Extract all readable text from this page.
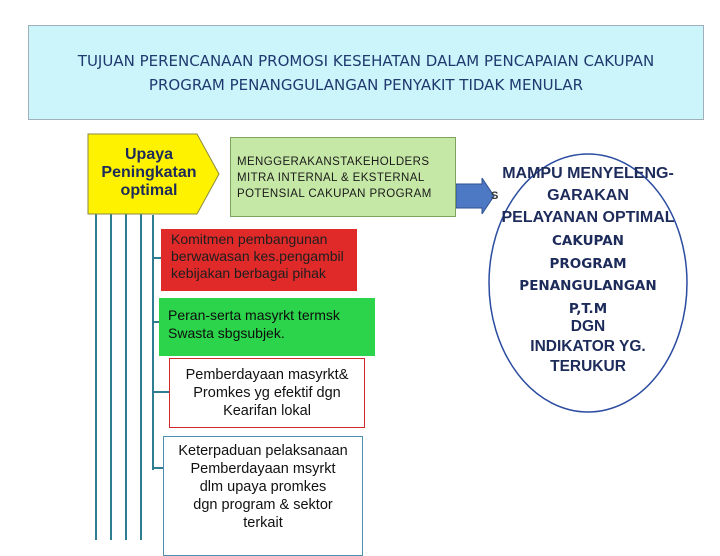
TUJUAN PERENCANAAN PROMOSI KESEHATAN DALAM PENCAPAIAN CAKUPAN
PROGRAM PENANGGULANGAN PENYAKIT TIDAK MENULAR
Upaya
Peningkatan
optimal
MENGGERAKANSTAKEHOLDERS
MITRA INTERNAL & EKSTERNAL
POTENSIAL CAKUPAN PROGRAM
Komitmen pembangunan
berwawasan kes.pengambil
kebijakan berbagai pihak
Peran-serta masyrkt termsk
Swasta sbgsubjek.
Pemberdayaan masyrkt&
Promkes yg efektif dgn
Kearifan lokal
Keterpaduan pelaksanaan
Pemberdayaan msyrkt
dlm upaya promkes
dgn program & sektor
terkait
MAMPU MENYELENG-
GARAKAN
PELAYANAN OPTIMAL
S
CAKUPAN
PROGRAM
PENANGULANGAN
P,T.M
DGN
INDIKATOR YG.
TERUKUR
